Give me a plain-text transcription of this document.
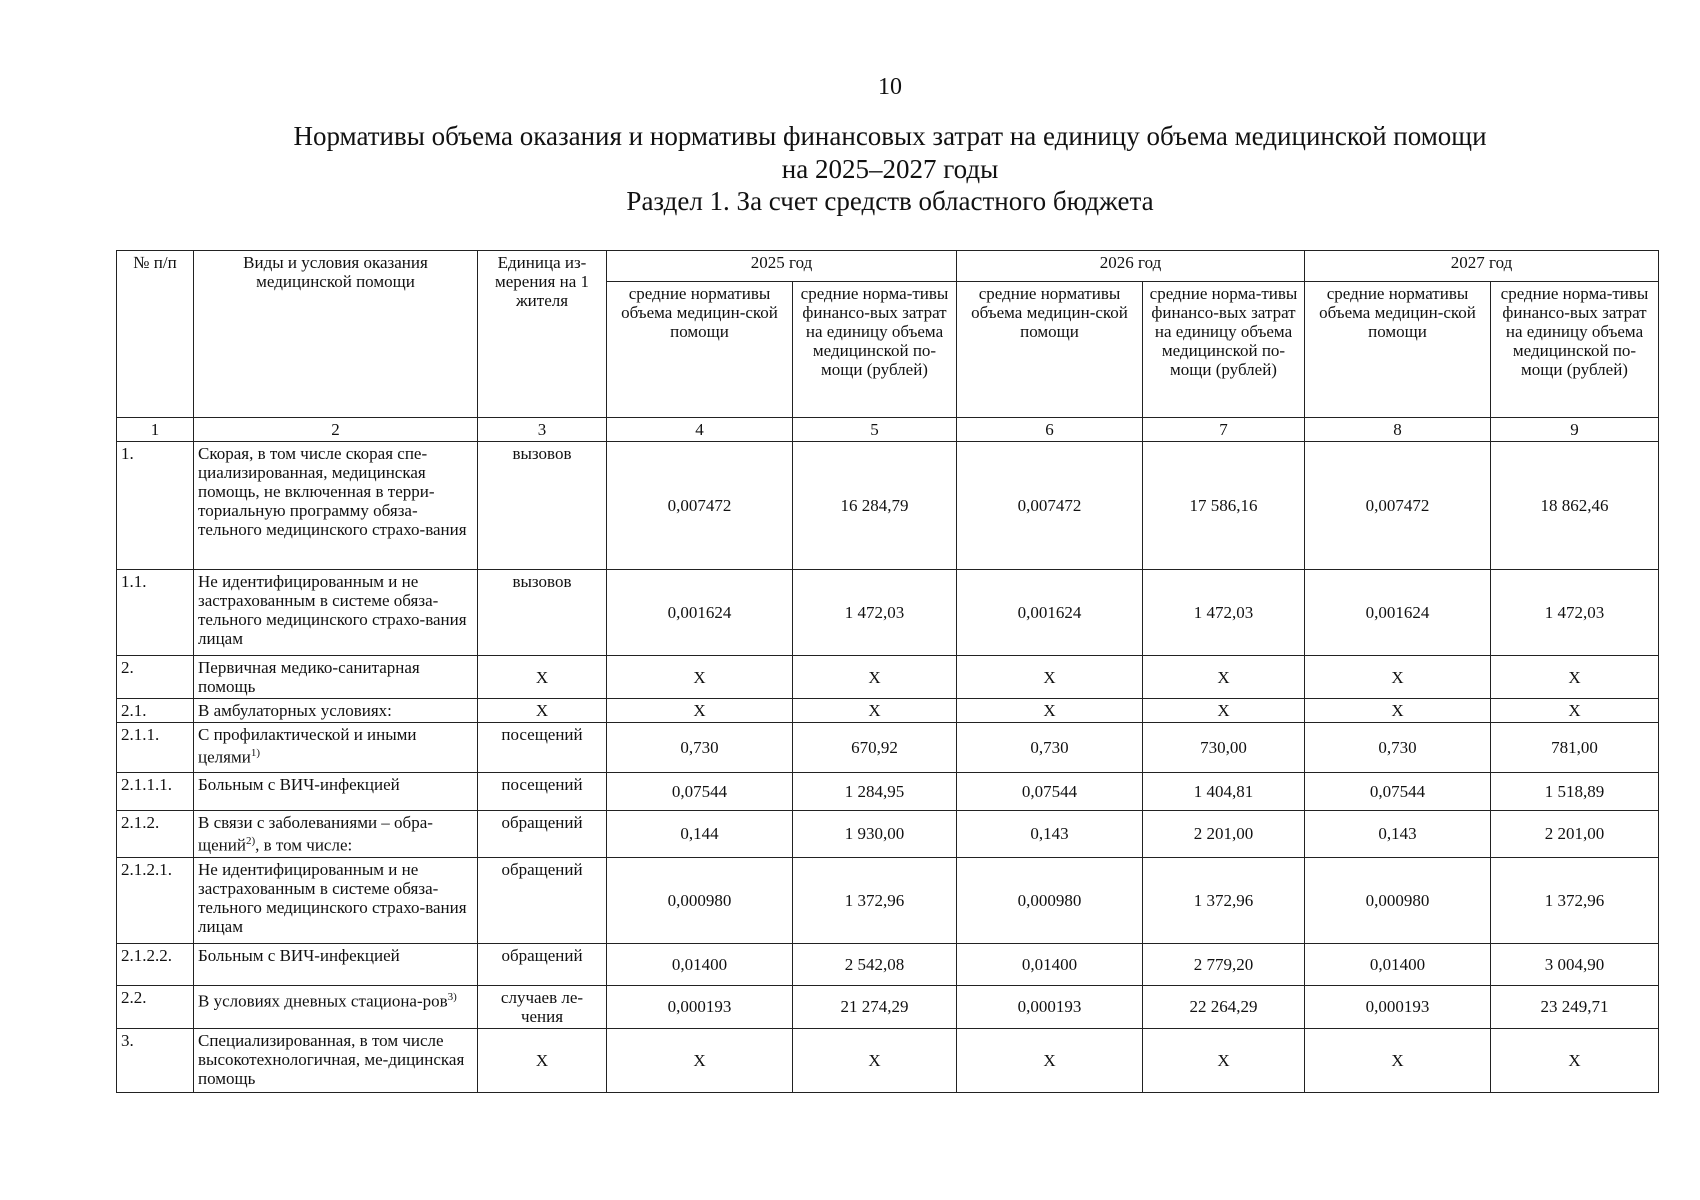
10
Нормативы объема оказания и нормативы финансовых затрат на единицу объема медицинской помощи
на 2025–2027 годы
Раздел 1. За счет средств областного бюджета
№ п/п	Виды и условия оказания медицинской помощи	Единица из-мерения на 1 жителя	2025 год		2026 год		2027 год	
			средние нормативы объема медицин-ской помощи	средние норма-тивы финансо-вых затрат на единицу объема медицинской по-мощи (рублей)	средние нормативы объема медицин-ской помощи	средние норма-тивы финансо-вых затрат на единицу объема медицинской по-мощи (рублей)	средние нормативы объема медицин-ской помощи	средние норма-тивы финансо-вых затрат на единицу объема медицинской по-мощи (рублей)
1	2	3	4	5	6	7	8	9
1.	Скорая, в том числе скорая спе-циализированная, медицинская помощь, не включенная в терри-ториальную программу обяза-тельного медицинского страхо-вания	вызовов	0,007472	16 284,79	0,007472	17 586,16	0,007472	18 862,46
1.1.	Не идентифицированным и не застрахованным в системе обяза-тельного медицинского страхо-вания лицам	вызовов	0,001624	1 472,03	0,001624	1 472,03	0,001624	1 472,03
2.	Первичная медико-санитарная помощь	X	X	X	X	X	X	X
2.1.	В амбулаторных условиях:	X	X	X	X	X	X	X
2.1.1.	С профилактической и иными целями$^{1)}$	посещений	0,730	670,92	0,730	730,00	0,730	781,00
2.1.1.1.	Больным с ВИЧ-инфекцией	посещений	0,07544	1 284,95	0,07544	1 404,81	0,07544	1 518,89
2.1.2.	В связи с заболеваниями – обра-щений$^{2)}$, в том числе:	обращений	0,144	1 930,00	0,143	2 201,00	0,143	2 201,00
2.1.2.1.	Не идентифицированным и не застрахованным в системе обяза-тельного медицинского страхо-вания лицам	обращений	0,000980	1 372,96	0,000980	1 372,96	0,000980	1 372,96
2.1.2.2.	Больным с ВИЧ-инфекцией	обращений	0,01400	2 542,08	0,01400	2 779,20	0,01400	3 004,90
2.2.	В условиях дневных стациона-ров$^{3)}$	случаев ле-чения	0,000193	21 274,29	0,000193	22 264,29	0,000193	23 249,71
3.	Специализированная, в том числе высокотехнологичная, ме-дицинская помощь	X	X	X	X	X	X	X
